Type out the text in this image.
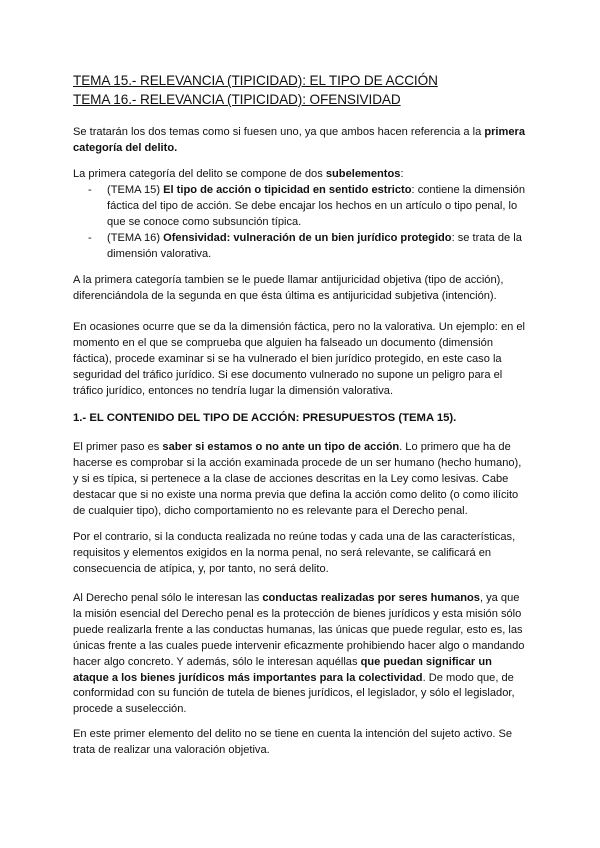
TEMA 15.- RELEVANCIA (TIPICIDAD): EL TIPO DE ACCIÓN
TEMA 16.- RELEVANCIA (TIPICIDAD): OFENSIVIDAD
Se tratarán los dos temas como si fuesen uno, ya que ambos hacen referencia a la primera categoría del delito.
La primera categoría del delito se compone de dos subelementos:
- (TEMA 15) El tipo de acción o tipicidad en sentido estricto: contiene la dimensión fáctica del tipo de acción. Se debe encajar los hechos en un artículo o tipo penal, lo que se conoce como subsunción típica.
- (TEMA 16) Ofensividad: vulneración de un bien jurídico protegido: se trata de la dimensión valorativa.
A la primera categoría tambien se le puede llamar antijuricidad objetiva (tipo de acción), diferenciándola de la segunda en que ésta última es antijuricidad subjetiva (intención).
En ocasiones ocurre que se da la dimensión fáctica, pero no la valorativa. Un ejemplo: en el momento en el que se comprueba que alguien ha falseado un documento (dimensión fáctica), procede examinar si se ha vulnerado el bien jurídico protegido, en este caso la seguridad del tráfico jurídico. Si ese documento vulnerado no supone un peligro para el tráfico jurídico, entonces no tendría lugar la dimensión valorativa.
1.- EL CONTENIDO DEL TIPO DE ACCIÓN: PRESUPUESTOS (TEMA 15).
El primer paso es saber si estamos o no ante un tipo de acción. Lo primero que ha de hacerse es comprobar si la acción examinada procede de un ser humano (hecho humano), y si es típica, si pertenece a la clase de acciones descritas en la Ley como lesivas. Cabe destacar que si no existe una norma previa que defina la acción como delito (o como ilícito de cualquier tipo), dicho comportamiento no es relevante para el Derecho penal.
Por el contrario, si la conducta realizada no reúne todas y cada una de las características, requisitos y elementos exigidos en la norma penal, no será relevante, se calificará en consecuencia de atípica, y, por tanto, no será delito.
Al Derecho penal sólo le interesan las conductas realizadas por seres humanos, ya que la misión esencial del Derecho penal es la protección de bienes jurídicos y esta misión sólo puede realizarla frente a las conductas humanas, las únicas que puede regular, esto es, las únicas frente a las cuales puede intervenir eficazmente prohibiendo hacer algo o mandando hacer algo concreto. Y además, sólo le interesan aquéllas que puedan significar un ataque a los bienes jurídicos más importantes para la colectividad. De modo que, de conformidad con su función de tutela de bienes jurídicos, el legislador, y sólo el legislador, procede a suselección.
En este primer elemento del delito no se tiene en cuenta la intención del sujeto activo. Se trata de realizar una valoración objetiva.
